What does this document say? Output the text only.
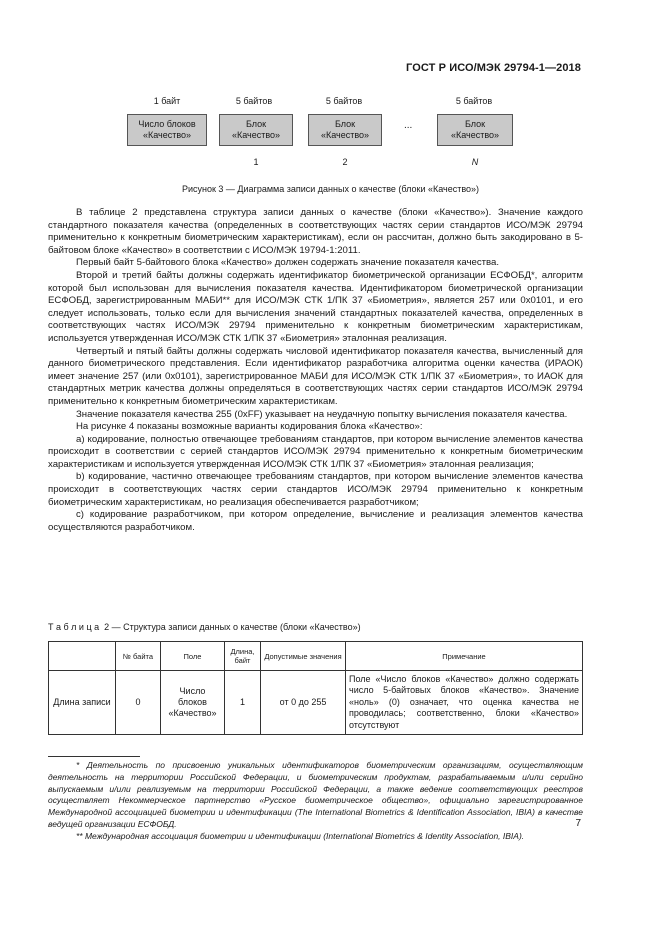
ГОСТ Р ИСО/МЭК 29794-1—2018
1 байт	5 байтов	5 байтов	5 байтов
Число блоков
«Качество»
Блок
«Качество»
Блок
«Качество»
...	Блок
«Качество»
1	2	N
Рисунок 3 — Диаграмма записи данных о качестве (блоки «Качество»)

В таблице 2 представлена структура записи данных о качестве (блоки «Качество»). Значение каждого стандартного показателя качества (определенных в соответствующих частях серии стандартов ИСО/МЭК 29794 применительно к конкретным биометрическим характеристикам), если он рассчитан, должно быть закодировано в 5-байтовом блоке «Качество» в соответствии с ИСО/МЭК 19794-1:2011.

Первый байт 5-байтового блока «Качество» должен содержать значение показателя качества.

Второй и третий байты должны содержать идентификатор биометрической организации ЕСФОБД*, алгоритм которой был использован для вычисления показателя качества. Идентификатором биометрической организации ЕСФОБД, зарегистрированным МАБИ** для ИСО/МЭК СТК 1/ПК 37 «Биометрия», является 257 или 0x0101, и его следует использовать, только если для вычисления значений стандартных показателей качества, определенных в соответствующих частях ИСО/МЭК 29794 применительно к конкретным биометрическим характеристикам, используется утвержденная ИСО/МЭК СТК 1/ПК 37 «Биометрия» эталонная реализация.

Четвертый и пятый байты должны содержать числовой идентификатор показателя качества, вычисленный для данного биометрического представления. Если идентификатор разработчика алгоритма оценки качества (ИРАОК) имеет значение 257 (или 0x0101), зарегистрированное МАБИ для ИСО/МЭК СТК 1/ПК 37 «Биометрия», то ИАОК для стандартных метрик качества должны определяться в соответствующих частях серии стандартов ИСО/МЭК 29794 применительно к конкретным биометрическим характеристикам.

Значение показателя качества 255 (0xFF) указывает на неудачную попытку вычисления показателя качества.

На рисунке 4 показаны возможные варианты кодирования блока «Качество»:

а) кодирование, полностью отвечающее требованиям стандартов, при котором вычисление элементов качества происходит в соответствии с серией стандартов ИСО/МЭК 29794 применительно к конкретным биометрическим характеристикам и используется утвержденная ИСО/МЭК СТК 1/ПК 37 «Биометрия» эталонная реализация;

b) кодирование, частично отвечающее требованиям стандартов, при котором вычисление элементов качества происходит в соответствующих частях серии стандартов ИСО/МЭК 29794 применительно к конкретным биометрическим характеристикам, но реализация обеспечивается разработчиком;

c) кодирование разработчиком, при котором определение, вычисление и реализация элементов качества осуществляются разработчиком.

Т а б л и ц а  2 — Структура записи данных о качестве (блоки «Качество»)
	№ байта	Поле	Длина, байт	Допустимые значения	Примечание
Длина записи	0	Число блоков «Качество»	1	от 0 до 255	Поле «Число блоков «Качество» должно содержать число 5-байтовых блоков «Качество». Значение «ноль» (0) означает, что оценка качества не проводилась; соответственно, блоки «Качество» отсутствуют

* Деятельность по присвоению уникальных идентификаторов биометрическим организациям, осуществляющим деятельность на территории Российской Федерации, и биометрическим продуктам, разрабатываемым и/или серийно выпускаемым и/или реализуемым на территории Российской Федерации, а также ведение соответствующих реестров осуществляет Некоммерческое партнерство «Русское биометрическое общество», официально зарегистрированное Международной ассоциацией биометрии и идентификации (The International Biometrics & Identification Association, IBIA) в качестве ведущей организации ЕСФОБД.

** Международная ассоциация биометрии и идентификации (International Biometrics & Identity Association, IBIA).

7
